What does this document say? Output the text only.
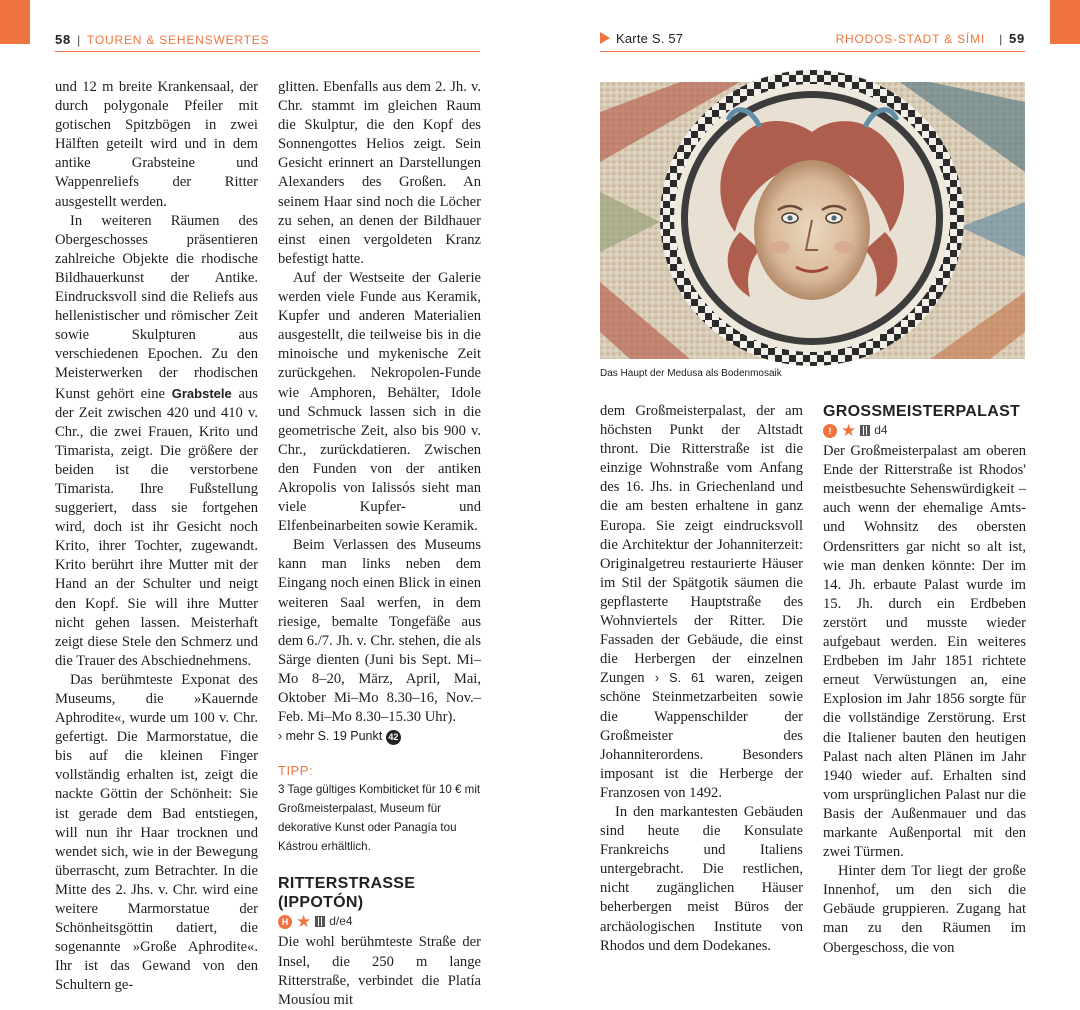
58 | TOUREN & SEHENSWERTES	Karte S. 57	RHODOS-STADT & SÍMI | 59

und 12 m breite Krankensaal, der durch polygonale Pfeiler mit gotischen Spitzbögen in zwei Hälften geteilt wird und in dem antike Grabsteine und Wappenreliefs der Ritter ausgestellt werden.

In weiteren Räumen des Obergeschosses präsentieren zahlreiche Objekte die rhodische Bildhauerkunst der Antike. Eindrucksvoll sind die Reliefs aus hellenistischer und römischer Zeit sowie Skulpturen aus verschiedenen Epochen. Zu den Meisterwerken der rhodischen Kunst gehört eine Grabstele aus der Zeit zwischen 420 und 410 v. Chr., die zwei Frauen, Krito und Timarista, zeigt. Die größere der beiden ist die verstorbene Timarista. Ihre Fußstellung suggeriert, dass sie fortgehen wird, doch ist ihr Gesicht noch Krito, ihrer Tochter, zugewandt. Krito berührt ihre Mutter mit der Hand an der Schulter und neigt den Kopf. Sie will ihre Mutter nicht gehen lassen. Meisterhaft zeigt diese Stele den Schmerz und die Trauer des Abschiednehmens.

Das berühmteste Exponat des Museums, die »Kauernde Aphrodite«, wurde um 100 v. Chr. gefertigt. Die Marmorstatue, die bis auf die kleinen Finger vollständig erhalten ist, zeigt die nackte Göttin der Schönheit: Sie ist gerade dem Bad entstiegen, will nun ihr Haar trocknen und wendet sich, wie in der Bewegung überrascht, zum Betrachter. In die Mitte des 2. Jhs. v. Chr. wird eine weitere Marmorstatue der Schönheitsgöttin datiert, die sogenannte »Große Aphrodite«. Ihr ist das Gewand von den Schultern ge-

glitten. Ebenfalls aus dem 2. Jh. v. Chr. stammt im gleichen Raum die Skulptur, die den Kopf des Sonnengottes Helios zeigt. Sein Gesicht erinnert an Darstellungen Alexanders des Großen. An seinem Haar sind noch die Löcher zu sehen, an denen der Bildhauer einst einen vergoldeten Kranz befestigt hatte.

Auf der Westseite der Galerie werden viele Funde aus Keramik, Kupfer und anderen Materialien ausgestellt, die teilweise bis in die minoische und mykenische Zeit zurückgehen. Nekropolen-Funde wie Amphoren, Behälter, Idole und Schmuck lassen sich in die geometrische Zeit, also bis 900 v. Chr., zurückdatieren. Zwischen den Funden von der antiken Akropolis von Ialissós sieht man viele Kupfer- und Elfenbeinarbeiten sowie Keramik.

Beim Verlassen des Museums kann man links neben dem Eingang noch einen Blick in einen weiteren Saal werfen, in dem riesige, bemalte Tongefäße aus dem 6./7. Jh. v. Chr. stehen, die als Särge dienten (Juni bis Sept. Mi–Mo 8–20, März, April, Mai, Oktober Mi–Mo 8.30–16, Nov.–Feb. Mi–Mo 8.30–15.30 Uhr).

› mehr S. 19 Punkt 42

TIPP:
3 Tage gültiges Kombiticket für 10 € mit Großmeisterpalast, Museum für dekorative Kunst oder Panagía tou Kástrou erhältlich.
RITTERSTRASSE (IPPOTÓN)
H ★ d/e4

Die wohl berühmteste Straße der Insel, die 250 m lange Ritterstraße, verbindet die Platía Mousíou mit

Das Haupt der Medusa als Bodenmosaik

dem Großmeisterpalast, der am höchsten Punkt der Altstadt thront. Die Ritterstraße ist die einzige Wohnstraße vom Anfang des 16. Jhs. in Griechenland und die am besten erhaltene in ganz Europa. Sie zeigt eindrucksvoll die Architektur der Johanniterzeit: Originalgetreu restaurierte Häuser im Stil der Spätgotik säumen die gepflasterte Hauptstraße des Wohnviertels der Ritter. Die Fassaden der Gebäude, die einst die Herbergen der einzelnen Zungen › S. 61 waren, zeigen schöne Steinmetzarbeiten sowie die Wappenschilder der Großmeister des Johanniterordens. Besonders imposant ist die Herberge der Franzosen von 1492.

In den markantesten Gebäuden sind heute die Konsulate Frankreichs und Italiens untergebracht. Die restlichen, nicht zugänglichen Häuser beherbergen meist Büros der archäologischen Institute von Rhodos und dem Dodekanes.

GROSSMEISTERPALAST
! ★ d4

Der Großmeisterpalast am oberen Ende der Ritterstraße ist Rhodos' meistbesuchte Sehenswürdigkeit – auch wenn der ehemalige Amts- und Wohnsitz des obersten Ordensritters gar nicht so alt ist, wie man denken könnte: Der im 14. Jh. erbaute Palast wurde im 15. Jh. durch ein Erdbeben zerstört und musste wieder aufgebaut werden. Ein weiteres Erdbeben im Jahr 1851 richtete erneut Verwüstungen an, eine Explosion im Jahr 1856 sorgte für die vollständige Zerstörung. Erst die Italiener bauten den heutigen Palast nach alten Plänen im Jahr 1940 wieder auf. Erhalten sind vom ursprünglichen Palast nur die Basis der Außenmauer und das markante Außenportal mit den zwei Türmen.

Hinter dem Tor liegt der große Innenhof, um den sich die Gebäude gruppieren. Zugang hat man zu den Räumen im Obergeschoss, die von
